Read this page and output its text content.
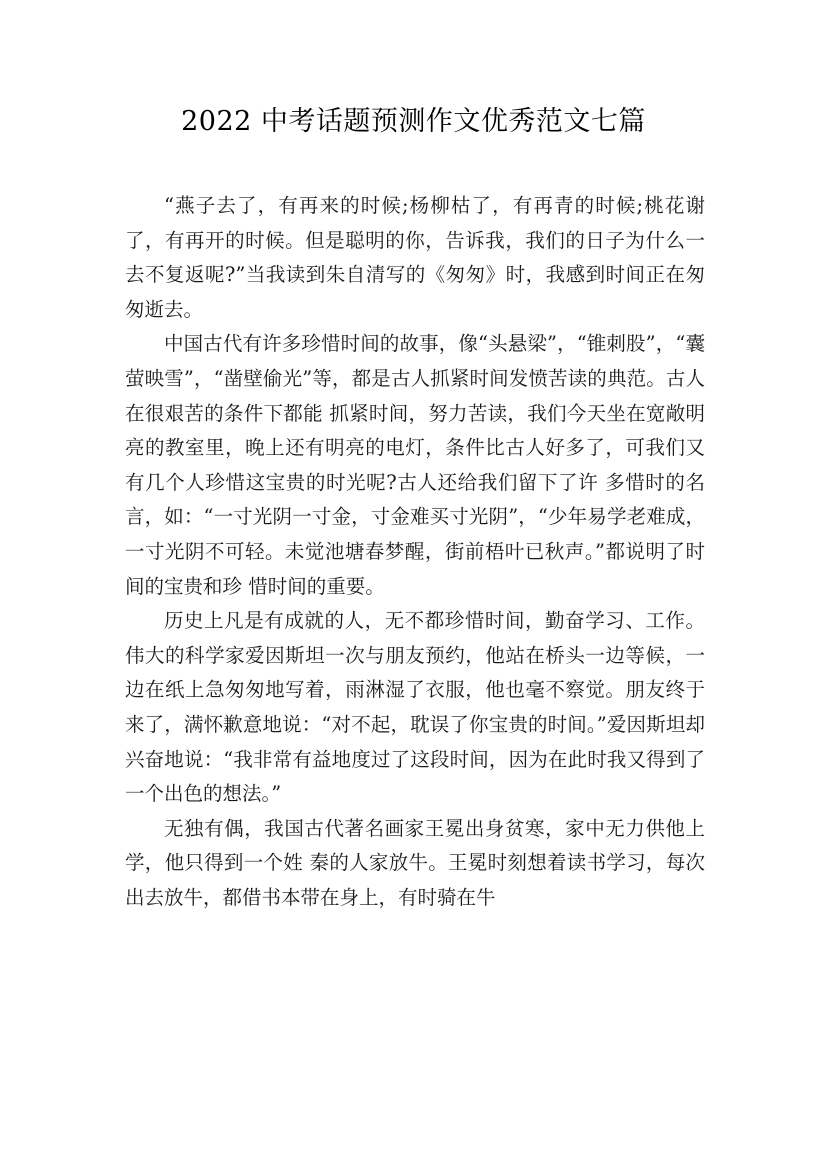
2022 中考话题预测作文优秀范文七篇

“燕子去了，有再来的时候;杨柳枯了，有再青的时候;桃花谢了，有再开的时候。但是聪明的你，告诉我，我们的日子为什么一去不复返呢?”当我读到朱自清写的《匆匆》时，我感到时间正在匆匆逝去。

中国古代有许多珍惜时间的故事，像“头悬梁”，“锥刺股”，“囊萤映雪”，“凿壁偷光”等，都是古人抓紧时间发愤苦读的典范。古人在很艰苦的条件下都能 抓紧时间，努力苦读，我们今天坐在宽敞明亮的教室里，晚上还有明亮的电灯，条件比古人好多了，可我们又有几个人珍惜这宝贵的时光呢?古人还给我们留下了许 多惜时的名言，如：“一寸光阴一寸金，寸金难买寸光阴”，“少年易学老难成，一寸光阴不可轻。未觉池塘春梦醒，街前梧叶已秋声。”都说明了时间的宝贵和珍 惜时间的重要。

历史上凡是有成就的人，无不都珍惜时间，勤奋学习、工作。伟大的科学家爱因斯坦一次与朋友预约，他站在桥头一边等候，一 边在纸上急匆匆地写着，雨淋湿了衣服，他也毫不察觉。朋友终于来了，满怀歉意地说：“对不起，耽误了你宝贵的时间。”爱因斯坦却兴奋地说：“我非常有益地度过了这段时间，因为在此时我又得到了一个出色的想法。”

无独有偶，我国古代著名画家王冕出身贫寒，家中无力供他上学，他只得到一个姓 秦的人家放牛。王冕时刻想着读书学习，每次出去放牛，都借书本带在身上，有时骑在牛
